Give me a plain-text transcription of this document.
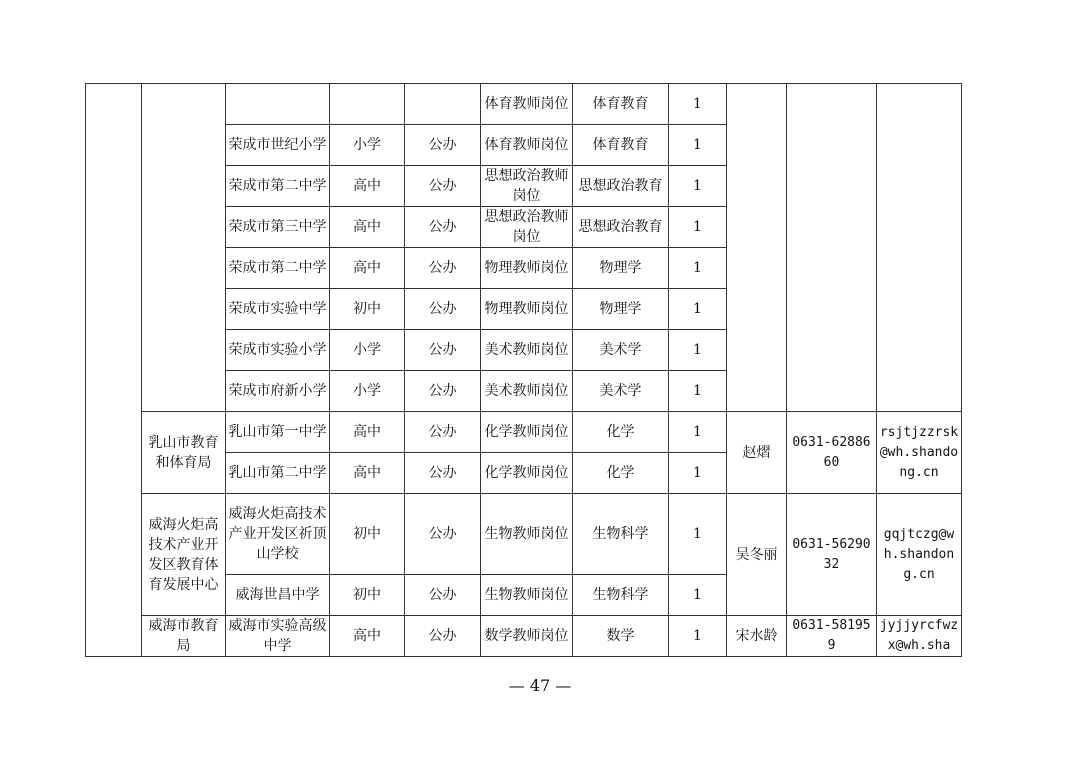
					体育教师岗位	体育教育	1			
		荣成市世纪小学	小学	公办	体育教师岗位	体育教育	1			
		荣成市第二中学	高中	公办	思想政治教师岗位	思想政治教育	1			
		荣成市第三中学	高中	公办	思想政治教师岗位	思想政治教育	1			
		荣成市第二中学	高中	公办	物理教师岗位	物理学	1			
		荣成市实验中学	初中	公办	物理教师岗位	物理学	1			
		荣成市实验小学	小学	公办	美术教师岗位	美术学	1			
		荣成市府新小学	小学	公办	美术教师岗位	美术学	1			
	乳山市教育和体育局	乳山市第一中学	高中	公办	化学教师岗位	化学	1	赵熠	0631-6288660	rsjtjzzrsk@wh.shandong.cn
		乳山市第二中学	高中	公办	化学教师岗位	化学	1			
	威海火炬高技术产业开发区教育体育发展中心	威海火炬高技术产业开发区祈顶山学校	初中	公办	生物教师岗位	生物科学	1	吴冬丽	0631-5629032	gqjtczg@wh.shandong.cn
		威海世昌中学	初中	公办	生物教师岗位	生物科学	1			
	威海市教育局	威海市实验高级中学	高中	公办	数学教师岗位	数学	1	宋水龄	0631-581959	jyjjyrcfwzx@wh.sha
— 47 —
